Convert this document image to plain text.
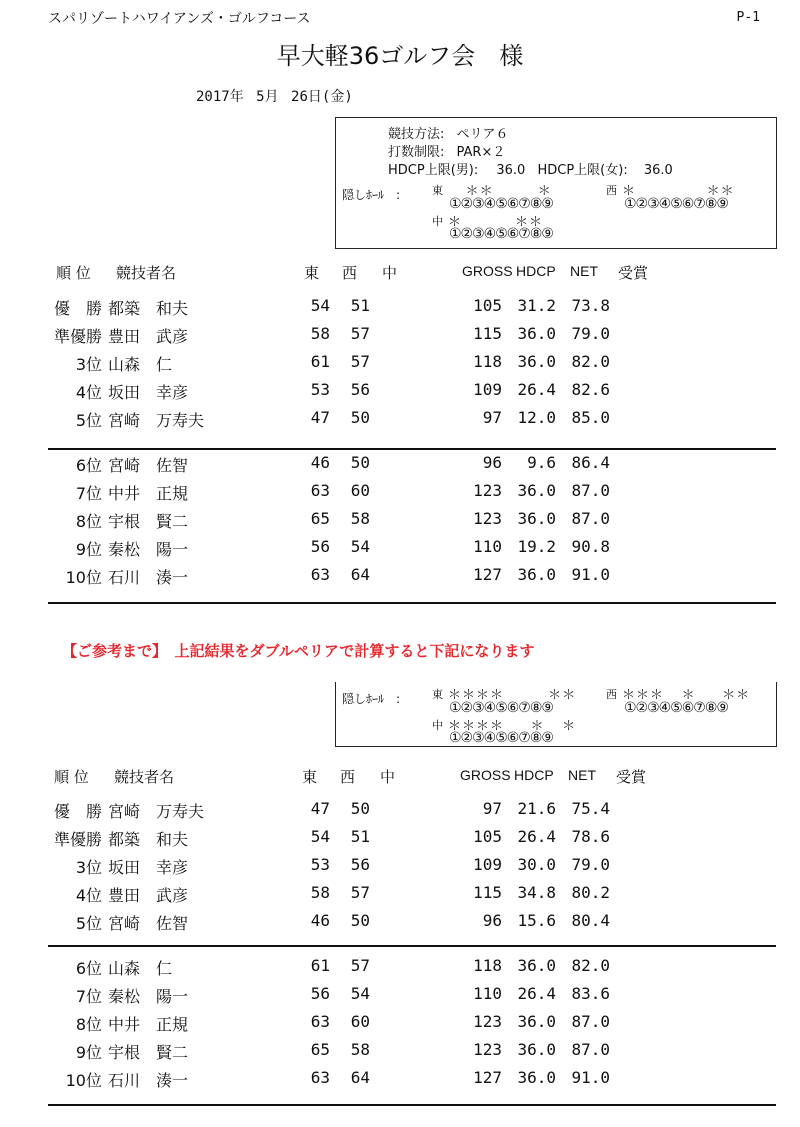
スパリゾートハワイアンズ・ゴルフコース	P-1
早大軽36ゴルフ会　様
2017年 5月 26日(金)
競技方法: ペリア６
打数制限: PAR×２
HDCP上限(男): 36.0 HDCP上限(女): 36.0
隠しﾎｰﾙ　:	東 ＊＊     ＊	西 ＊        ＊＊
①②③④⑤⑥⑦⑧⑨	①②③④⑤⑥⑦⑧⑨
中 ＊      ＊＊
①②③④⑤⑥⑦⑧⑨
順 位 競技者名	東 西 中	GROSS HDCP NET 受賞
優　勝 都築　和夫	54	51	105 31.2 73.8
準優勝 豊田　武彦	58	57	115 36.0 79.0
3位 山森　仁	61	57	118 36.0 82.0
4位 坂田　幸彦	53	56	109 26.4 82.6
5位 宮崎　万寿夫	47	50	97 12.0 85.0
6位 宮崎　佐智	46	50	96	9.6 86.4
7位 中井　正規	63	60	123 36.0 87.0
8位 宇根　賢二	65	58	123 36.0 87.0
9位 秦松　陽一	56	54	110 19.2 90.8
10位 石川　湊一	63	64	127 36.0 91.0
【ご参考まで】　上記結果をダブルペリアで計算すると下記になります
隠しﾎｰﾙ　:	東 ＊＊＊＊     ＊＊	西 ＊＊＊  ＊   ＊＊
①②③④⑤⑥⑦⑧⑨	①②③④⑤⑥⑦⑧⑨
中 ＊＊＊＊   ＊  ＊
①②③④⑤⑥⑦⑧⑨
順 位 競技者名	東 西 中	GROSS HDCP NET 受賞
優　勝 宮崎　万寿夫	47	50	97 21.6 75.4
準優勝 都築　和夫	54	51	105 26.4 78.6
3位 坂田　幸彦	53	56	109 30.0 79.0
4位 豊田　武彦	58	57	115 34.8 80.2
5位 宮崎　佐智	46	50	96 15.6 80.4
6位 山森　仁	61	57	118 36.0 82.0
7位 秦松　陽一	56	54	110 26.4 83.6
8位 中井　正規	63	60	123 36.0 87.0
9位 宇根　賢二	65	58	123 36.0 87.0
10位 石川　湊一	63	64	127 36.0 91.0
